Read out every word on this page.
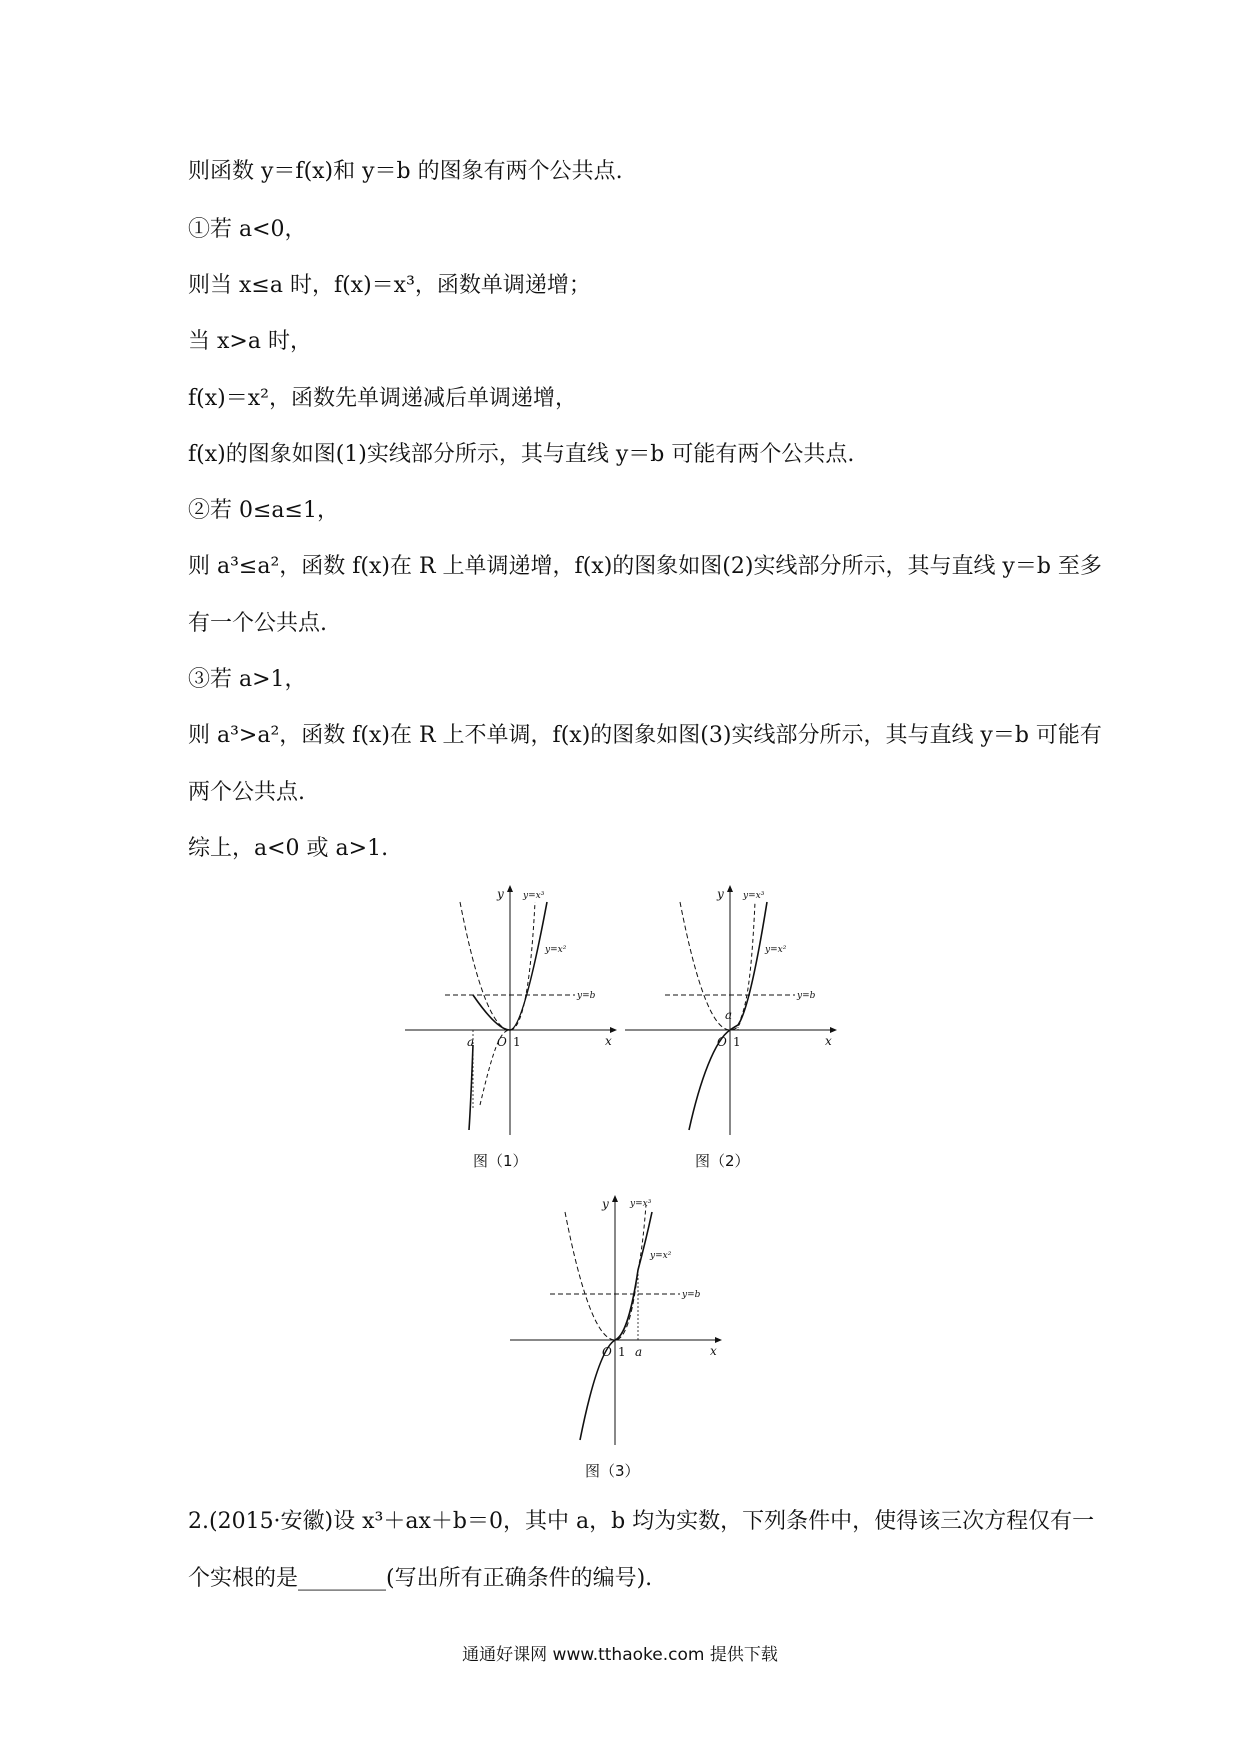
则函数 y＝f(x)和 y＝b 的图象有两个公共点.
①若 a<0，
则当 x≤a 时，f(x)＝x³，函数单调递增；
当 x>a 时，
f(x)＝x²，函数先单调递减后单调递增，
f(x)的图象如图(1)实线部分所示，其与直线 y＝b 可能有两个公共点.
②若 0≤a≤1，
则 a³≤a²，函数 f(x)在 R 上单调递增，f(x)的图象如图(2)实线部分所示，其与直线 y＝b 至多
有一个公共点.
③若 a>1，
则 a³>a²，函数 f(x)在 R 上不单调，f(x)的图象如图(3)实线部分所示，其与直线 y＝b 可能有
两个公共点.
综上，a<0 或 a>1.
y
x
O 1
a
y=x³
y=x²
y=b
图（1）
y
x
O 1
a
y=x³
y=x²
y=b
图（2）
y
x
O 1 a
y=x³
y=x²
y=b
图（3）
2.(2015·安徽)设 x³＋ax＋b＝0，其中 a，b 均为实数，下列条件中，使得该三次方程仅有一
个实根的是________(写出所有正确条件的编号).
通通好课网 www.tthaoke.com 提供下载
